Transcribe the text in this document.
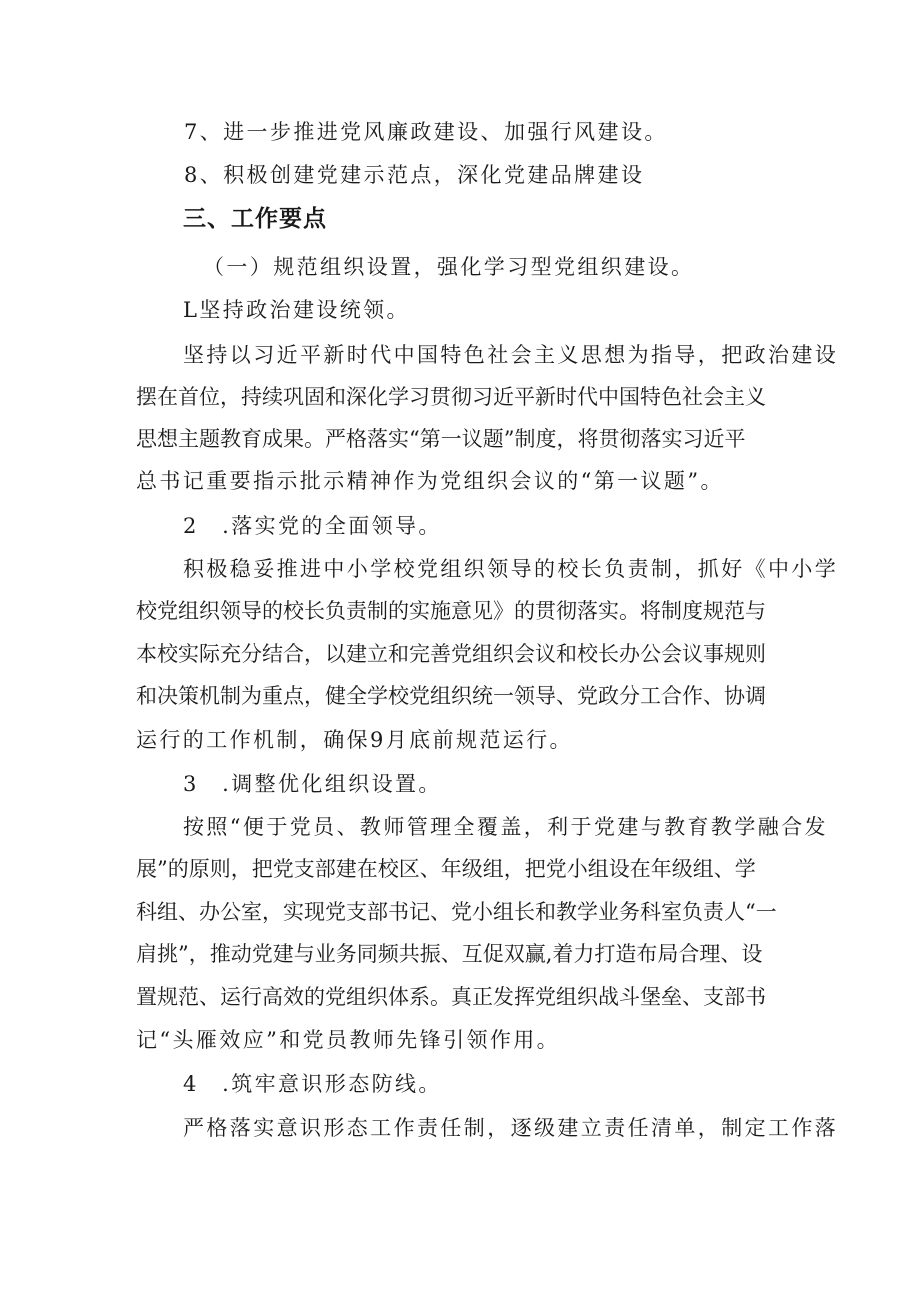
7、进一步推进党风廉政建设、加强行风建设。
8、积极创建党建示范点，深化党建品牌建设
三、工作要点
（一）规范组织设置，强化学习型党组织建设。
L坚持政治建设统领。
坚持以习近平新时代中国特色社会主义思想为指导，把政治建设
摆在首位，持续巩固和深化学习贯彻习近平新时代中国特色社会主义
思想主题教育成果。严格落实“第一议题”制度，将贯彻落实习近平
总书记重要指示批示精神作为党组织会议的“第一议题”。
2　.落实党的全面领导。
积极稳妥推进中小学校党组织领导的校长负责制，抓好《中小学
校党组织领导的校长负责制的实施意见》的贯彻落实。将制度规范与
本校实际充分结合，以建立和完善党组织会议和校长办公会议事规则
和决策机制为重点，健全学校党组织统一领导、党政分工合作、协调
运行的工作机制，确保9月底前规范运行。
3　.调整优化组织设置。
按照“便于党员、教师管理全覆盖，利于党建与教育教学融合发
展”的原则，把党支部建在校区、年级组，把党小组设在年级组、学
科组、办公室，实现党支部书记、党小组长和教学业务科室负责人“一
肩挑”，推动党建与业务同频共振、互促双赢,着力打造布局合理、设
置规范、运行高效的党组织体系。真正发挥党组织战斗堡垒、支部书
记“头雁效应”和党员教师先锋引领作用。
4　.筑牢意识形态防线。
严格落实意识形态工作责任制，逐级建立责任清单，制定工作落
